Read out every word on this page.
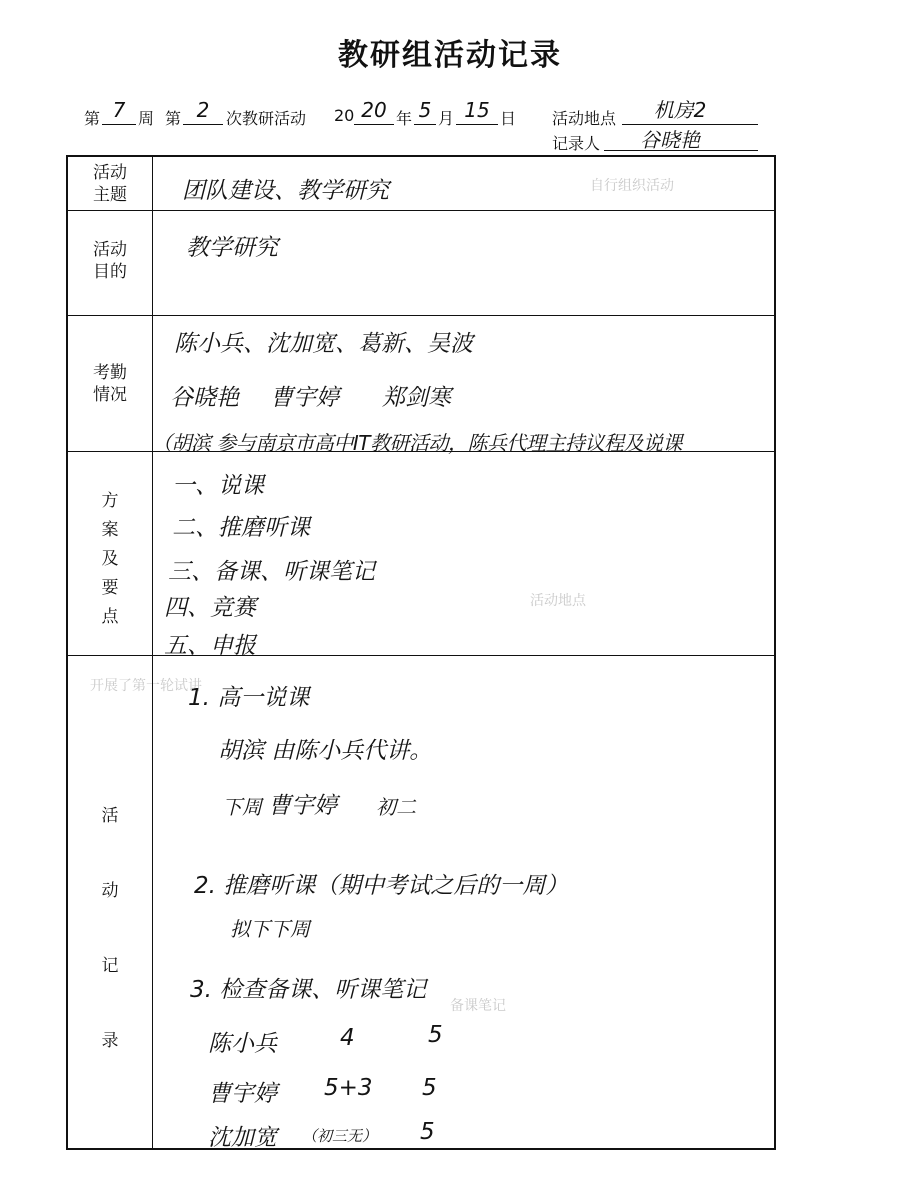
自行组织活动
开展了第一轮试讲
活动地点
备课笔记
教研组活动记录
第 7 周 第 2	次教研活动 20 20 年 5 月 15 日 活动地点	机房2
记录人	谷晓艳
活动
主题	团队建设、教学研究
活动
目的
教学研究
考勤
情况
陈小兵、沈加宽、葛新、吴波
谷晓艳 曹宇婷 郑剑寒
（胡滨 参与南京市高中IT教研活动，陈兵代理主持议程及说课
方
案
及
要
点
一、说课
二、推磨听课
三、备课、听课笔记
四、竞赛
五、申报
活
动
记
录
1. 高一说课
胡滨 由陈小兵代讲。
下周 曹宇婷 初二
2. 推磨听课（期中考试之后的一周）
拟下下周
3. 检查备课、听课笔记
陈小兵	4	5
曹宇婷 5+3 5
沈加宽 （初三无） 5
